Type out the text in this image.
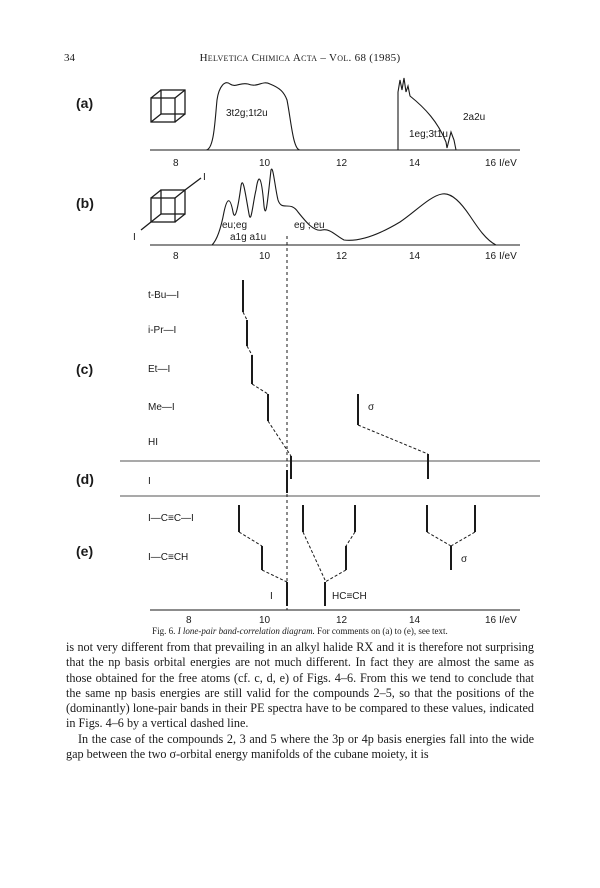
34	Helvetica Chimica Acta – Vol. 68 (1985)
(a)
(b)
(c)
(d)
(e)
I
I
3t2g;1t2u
1eg;3t1u
2a2u
8	10	12	14	16 I/eV
eu;eg
a1g a1u
eg ; eu
8	10	12	14	16 I/eV
t-Bu—I
i-Pr—I
Et—I
Me—I
HI
σ
I
I—C≡C—I
I—C≡CH	σ
I	HC≡CH
8	10	12	14	16 I/eV
Fig. 6. I lone-pair band-correlation diagram. For comments on (a) to (e), see text.

is not very different from that prevailing in an alkyl halide RX and it is therefore not surprising that the np basis orbital energies are not much different. In fact they are almost the same as those obtained for the free atoms (cf. c, d, e) of Figs. 4–6. From this we tend to conclude that the same np basis energies are still valid for the compounds 2–5, so that the positions of the (dominantly) lone-pair bands in their PE spectra have to be compared to these values, indicated in Figs. 4–6 by a vertical dashed line.

In the case of the compounds 2, 3 and 5 where the 3p or 4p basis energies fall into the wide gap between the two σ-orbital energy manifolds of the cubane moiety, it is
